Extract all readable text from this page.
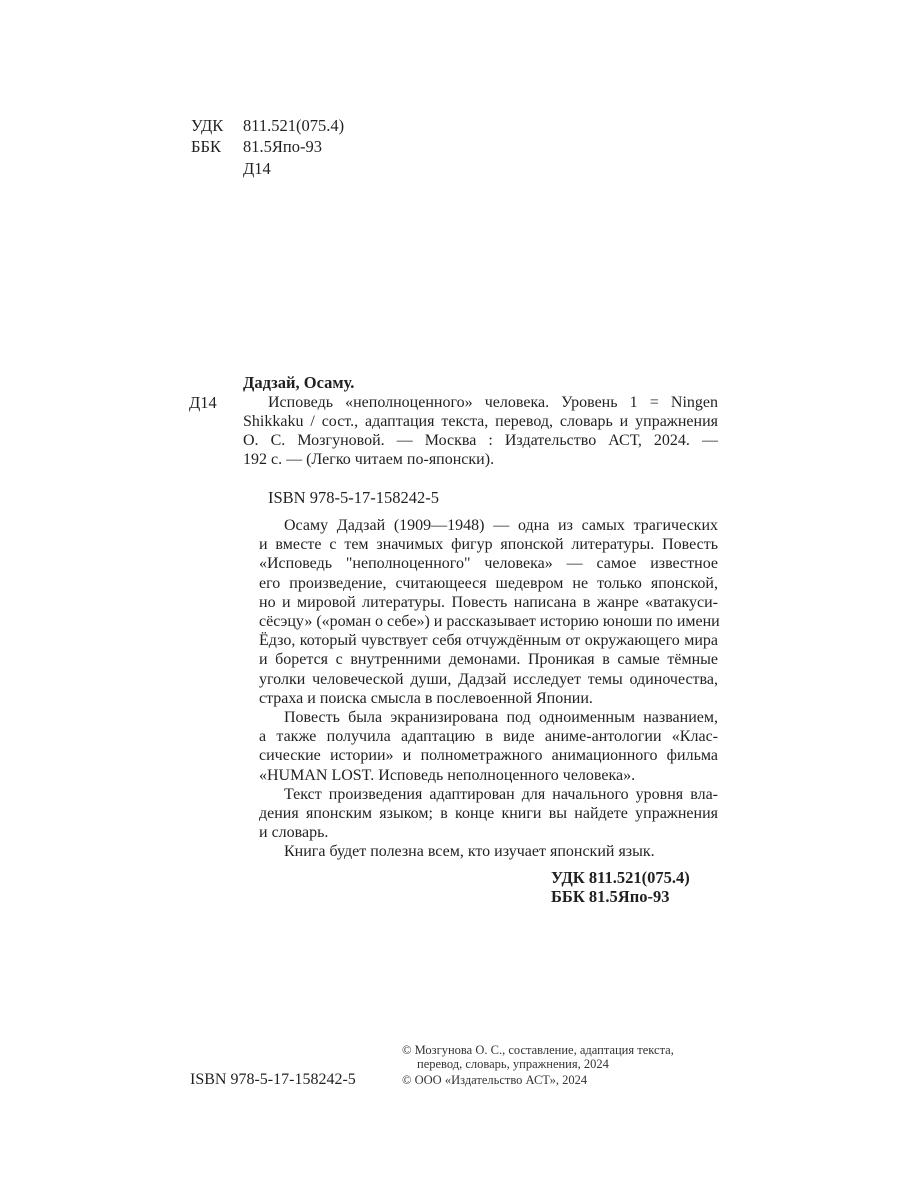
УДК 811.521(075.4)
ББК 81.5Япо-93
Д14
Дадзай, Осаму.
Д14	Исповедь «неполноценного» человека. Уровень 1 = Ningen
Shikkaku / сост., адаптация текста, перевод, словарь и упражнения
О. С. Мозгуновой. — Москва : Издательство АСТ, 2024. —
192 с. — (Легко читаем по-японски).
ISBN 978-5-17-158242-5
Осаму Дадзай (1909—1948) — одна из самых трагических
и вместе с тем значимых фигур японской литературы. Повесть
«Исповедь "неполноценного" человека» — самое известное
его произведение, считающееся шедевром не только японской,
но и мировой литературы. Повесть написана в жанре «ватакуси-
сёсэцу» («роман о себе») и рассказывает историю юноши по имени
Ёдзо, который чувствует себя отчуждённым от окружающего мира
и борется с внутренними демонами. Проникая в самые тёмные
уголки человеческой души, Дадзай исследует темы одиночества,
страха и поиска смысла в послевоенной Японии.
Повесть была экранизирована под одноименным названием,
а также получила адаптацию в виде аниме-антологии «Клас-
сические истории» и полнометражного анимационного фильма
«HUMAN LOST. Исповедь неполноценного человека».
Текст произведения адаптирован для начального уровня вла-
дения японским языком; в конце книги вы найдете упражнения
и словарь.
Книга будет полезна всем, кто изучает японский язык.
УДК 811.521(075.4)
ББК 81.5Япо-93
ISBN 978-5-17-158242-5
© Мозгунова О. С., составление, адаптация текста,
перевод, словарь, упражнения, 2024
© ООО «Издательство АСТ», 2024
